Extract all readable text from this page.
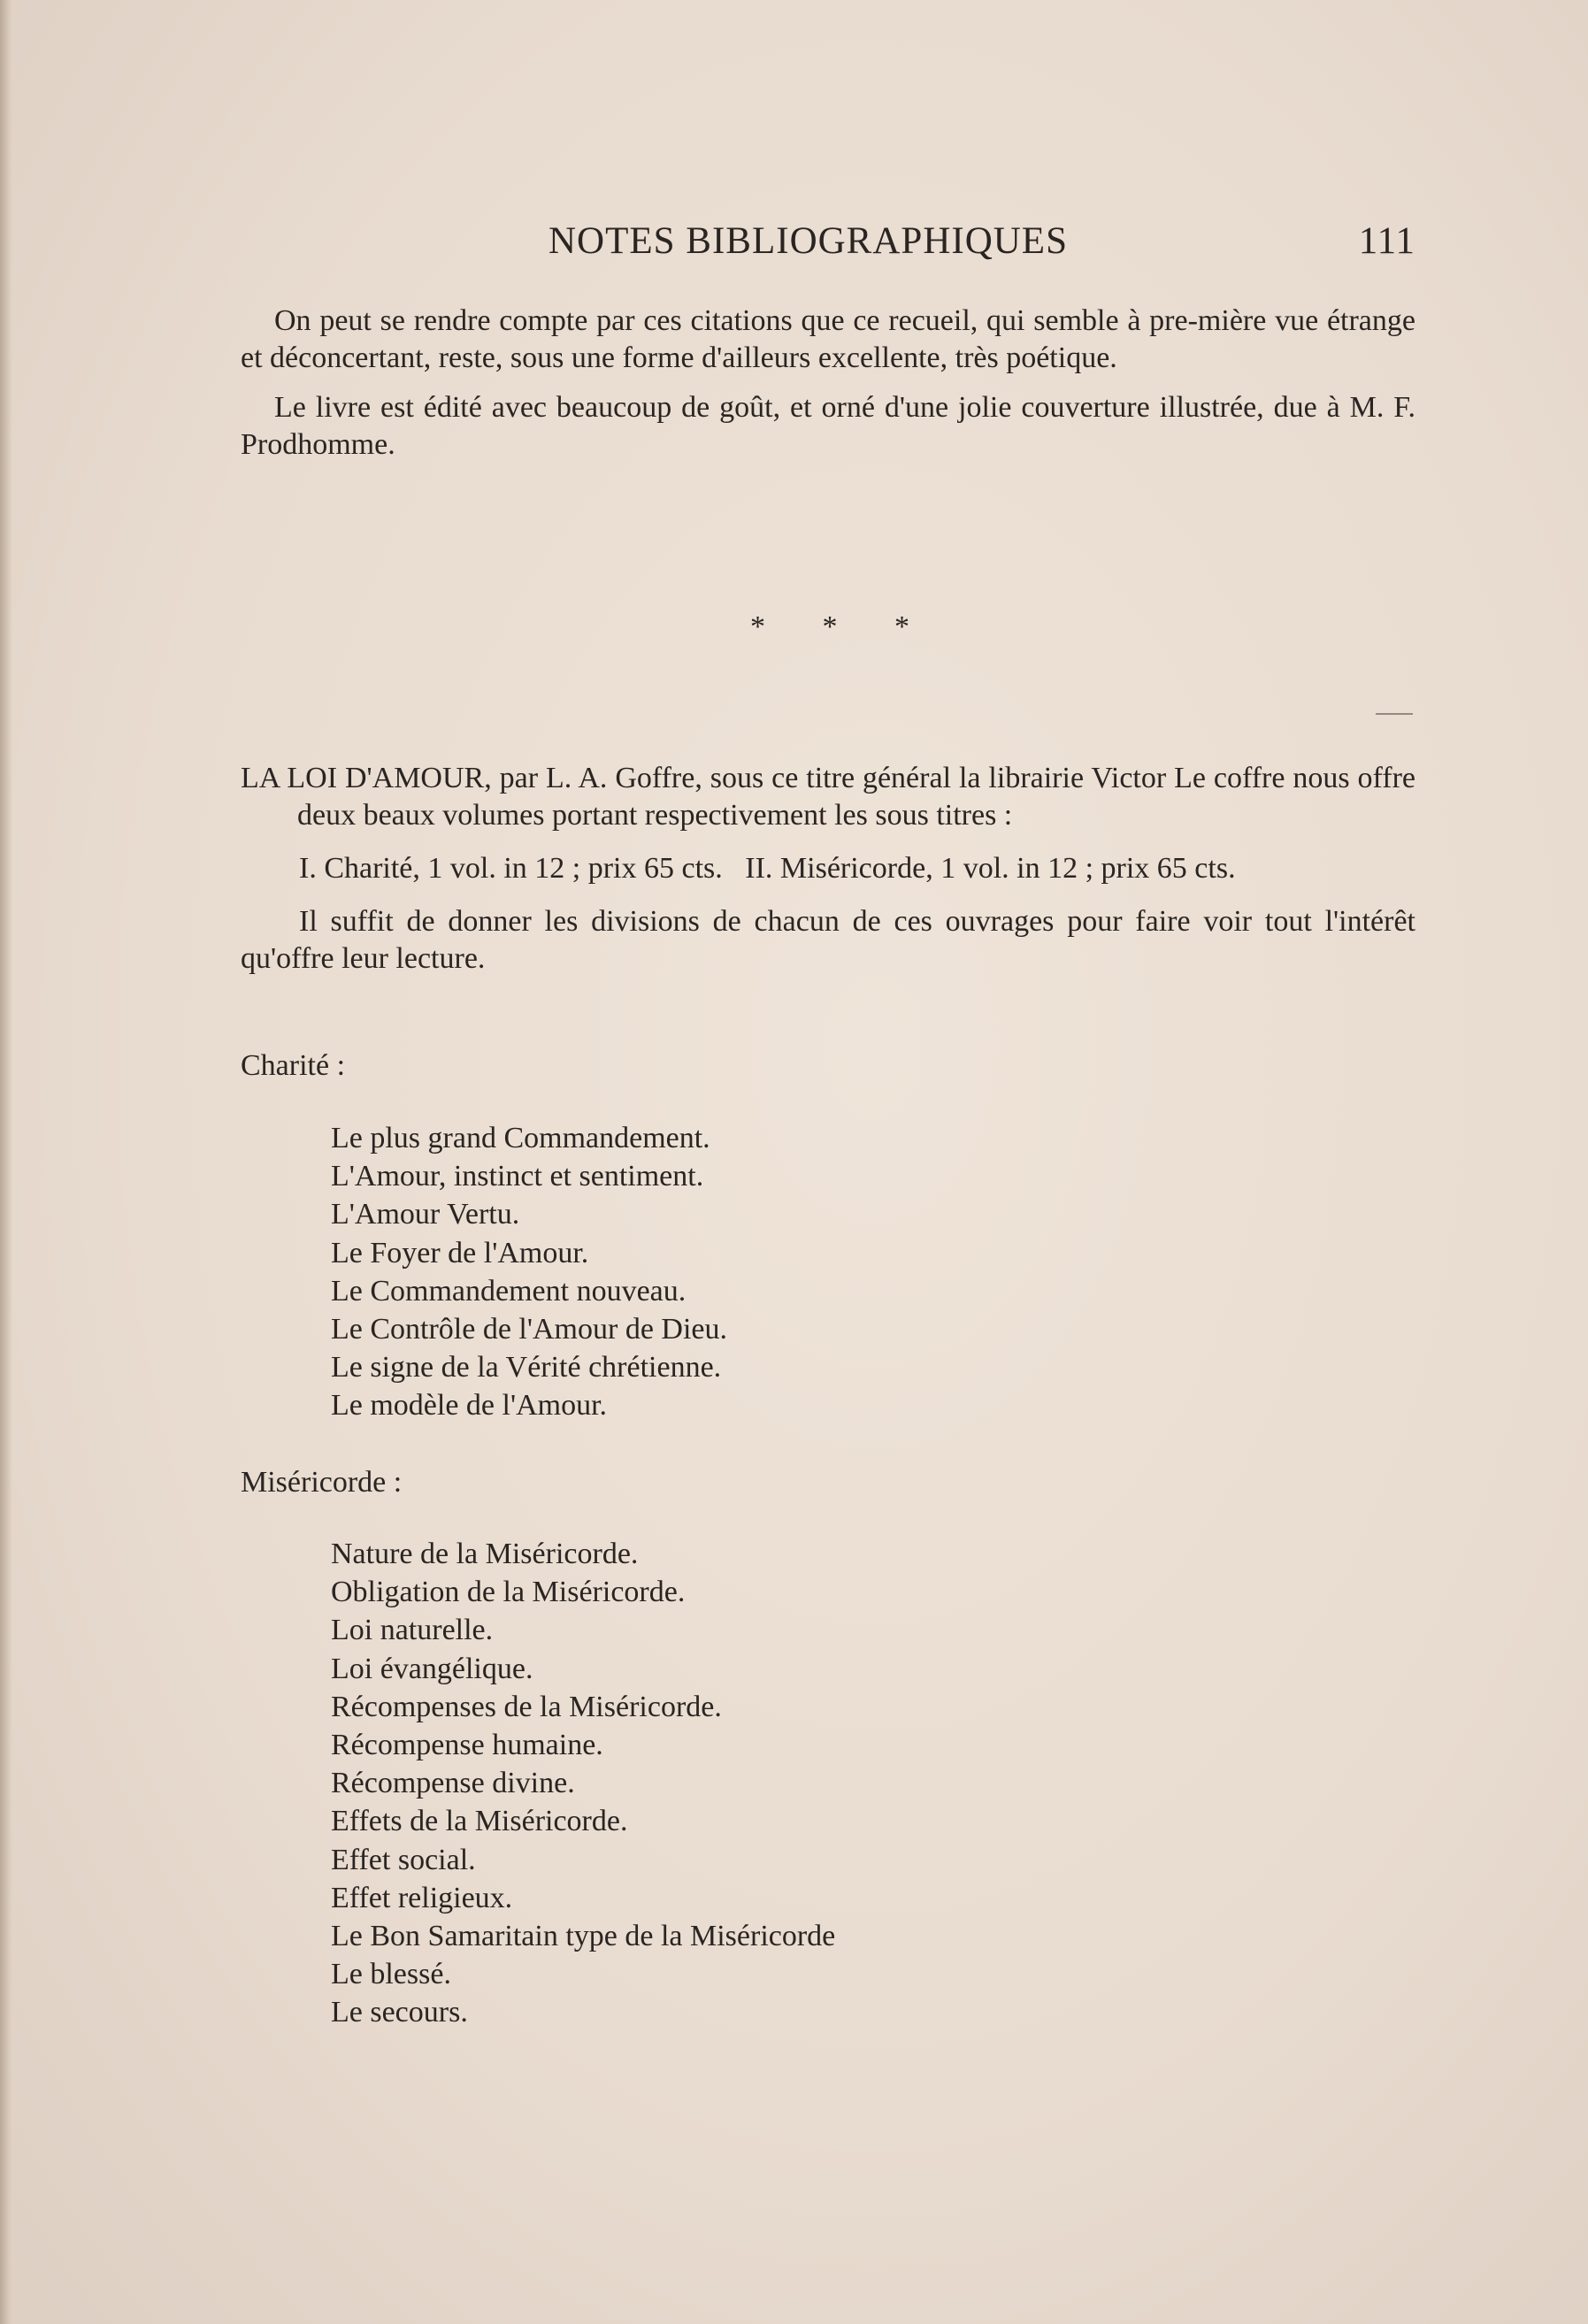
NOTES BIBLIOGRAPHIQUES	111

On peut se rendre compte par ces citations que ce recueil, qui semble à pre-mière vue étrange et déconcertant, reste, sous une forme d'ailleurs excellente, très poétique.

Le livre est édité avec beaucoup de goût, et orné d'une jolie couverture illustrée, due à M. F. Prodhomme.

* * *

LA LOI D'AMOUR, par L. A. Goffre, sous ce titre général la librairie Victor Le coffre nous offre deux beaux volumes portant respectivement les sous titres :

I. Charité, 1 vol. in 12 ; prix 65 cts.   II. Miséricorde, 1 vol. in 12 ; prix 65 cts.

Il suffit de donner les divisions de chacun de ces ouvrages pour faire voir tout l'intérêt qu'offre leur lecture.

Charité :
Le plus grand Commandement.
L'Amour, instinct et sentiment.
L'Amour Vertu.
Le Foyer de l'Amour.
Le Commandement nouveau.
Le Contrôle de l'Amour de Dieu.
Le signe de la Vérité chrétienne.
Le modèle de l'Amour.
Miséricorde :
Nature de la Miséricorde.
Obligation de la Miséricorde.
Loi naturelle.
Loi évangélique.
Récompenses de la Miséricorde.
Récompense humaine.
Récompense divine.
Effets de la Miséricorde.
Effet social.
Effet religieux.
Le Bon Samaritain type de la Miséricorde
Le blessé.
Le secours.
